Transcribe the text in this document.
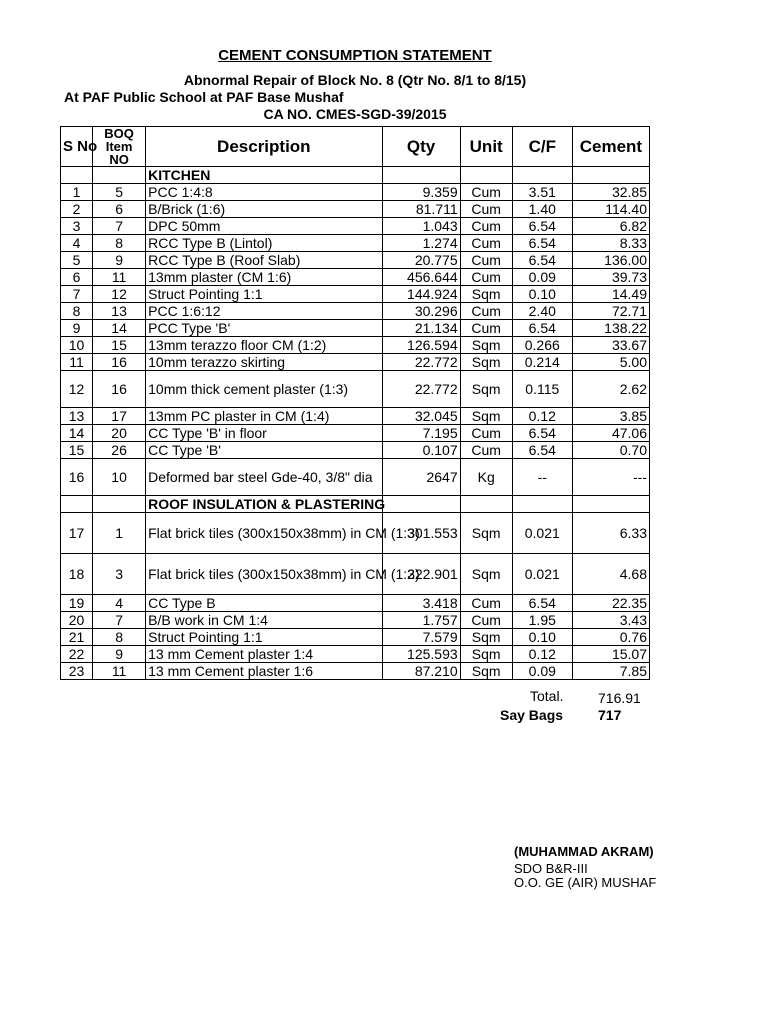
CEMENT CONSUMPTION STATEMENT
Abnormal Repair of Block No. 8 (Qtr No. 8/1 to 8/15)
At PAF Public School at PAF Base Mushaf
CA NO. CMES-SGD-39/2015
S No	BOQ Item NO	Description	Qty	Unit	C/F	Cement
		KITCHEN				
1	5	PCC 1:4:8	9.359	Cum	3.51	32.85
2	6	B/Brick (1:6)	81.711	Cum	1.40	114.40
3	7	DPC 50mm	1.043	Cum	6.54	6.82
4	8	RCC Type B (Lintol)	1.274	Cum	6.54	8.33
5	9	RCC Type B (Roof Slab)	20.775	Cum	6.54	136.00
6	11	13mm plaster (CM 1:6)	456.644	Cum	0.09	39.73
7	12	Struct Pointing 1:1	144.924	Sqm	0.10	14.49
8	13	PCC 1:6:12	30.296	Cum	2.40	72.71
9	14	PCC Type 'B'	21.134	Cum	6.54	138.22
10	15	13mm terazzo floor CM (1:2)	126.594	Sqm	0.266	33.67
11	16	10mm terazzo skirting	22.772	Sqm	0.214	5.00
12	16	10mm thick cement plaster (1:3)	22.772	Sqm	0.115	2.62
13	17	13mm PC plaster in CM (1:4)	32.045	Sqm	0.12	3.85
14	20	CC Type 'B' in floor	7.195	Cum	6.54	47.06
15	26	CC Type 'B'	0.107	Cum	6.54	0.70
16	10	Deformed bar steel Gde-40, 3/8" dia	2647	Kg	--	---
		ROOF INSULATION & PLASTERING				
17	1	Flat brick tiles (300x150x38mm) in CM (1:3)	301.553	Sqm	0.021	6.33
18	3	Flat brick tiles (300x150x38mm) in CM (1:3)	222.901	Sqm	0.021	4.68
19	4	CC Type B	3.418	Cum	6.54	22.35
20	7	B/B work in CM 1:4	1.757	Cum	1.95	3.43
21	8	Struct Pointing 1:1	7.579	Sqm	0.10	0.76
22	9	13 mm Cement plaster 1:4	125.593	Sqm	0.12	15.07
23	11	13 mm Cement plaster 1:6	87.210	Sqm	0.09	7.85
Total. 716.91
Say Bags 717
(MUHAMMAD AKRAM)
SDO B&R-III
O.O. GE (AIR) MUSHAF
